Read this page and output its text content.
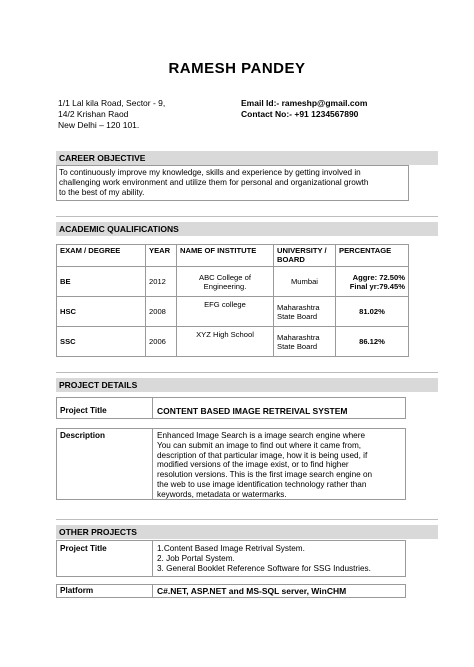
RAMESH PANDEY
1/1 Lal kila Road, Sector - 9,
14/2 Krishan Raod
New Delhi – 120 101.
Email Id:- rameshp@gmail.com
Contact No:- +91 1234567890
CAREER OBJECTIVE
To continuously improve my knowledge, skills and experience by getting involved in
challenging work environment and utilize them for personal and organizational growth
to the best of my ability.
ACADEMIC QUALIFICATIONS
EXAM / DEGREE	YEAR	NAME OF INSTITUTE	UNIVERSITY / BOARD	PERCENTAGE
BE	2012	ABC College of Engineering.	Mumbai	Aggre: 72.50%
Final yr:79.45%

HSC	2008	EFG college	Maharashtra State Board	81.02%
SSC	2006	XYZ High School	Maharashtra State Board	86.12%
PROJECT DETAILS
Project Title	CONTENT BASED IMAGE RETREIVAL SYSTEM
Description	Enhanced Image Search is a image search engine where
You can submit an image to find out where it came from,
description of that particular image, how it is being used, if
modified versions of the image exist, or to find higher
resolution versions. This is the first image search engine on
the web to use image identification technology rather than
keywords, metadata or watermarks.
OTHER PROJECTS
Project Title	1.Content Based Image Retrival System.
2. Job Portal System.
3. General Booklet Reference Software for SSG Industries.
Platform	C#.NET, ASP.NET and MS-SQL server, WinCHM
